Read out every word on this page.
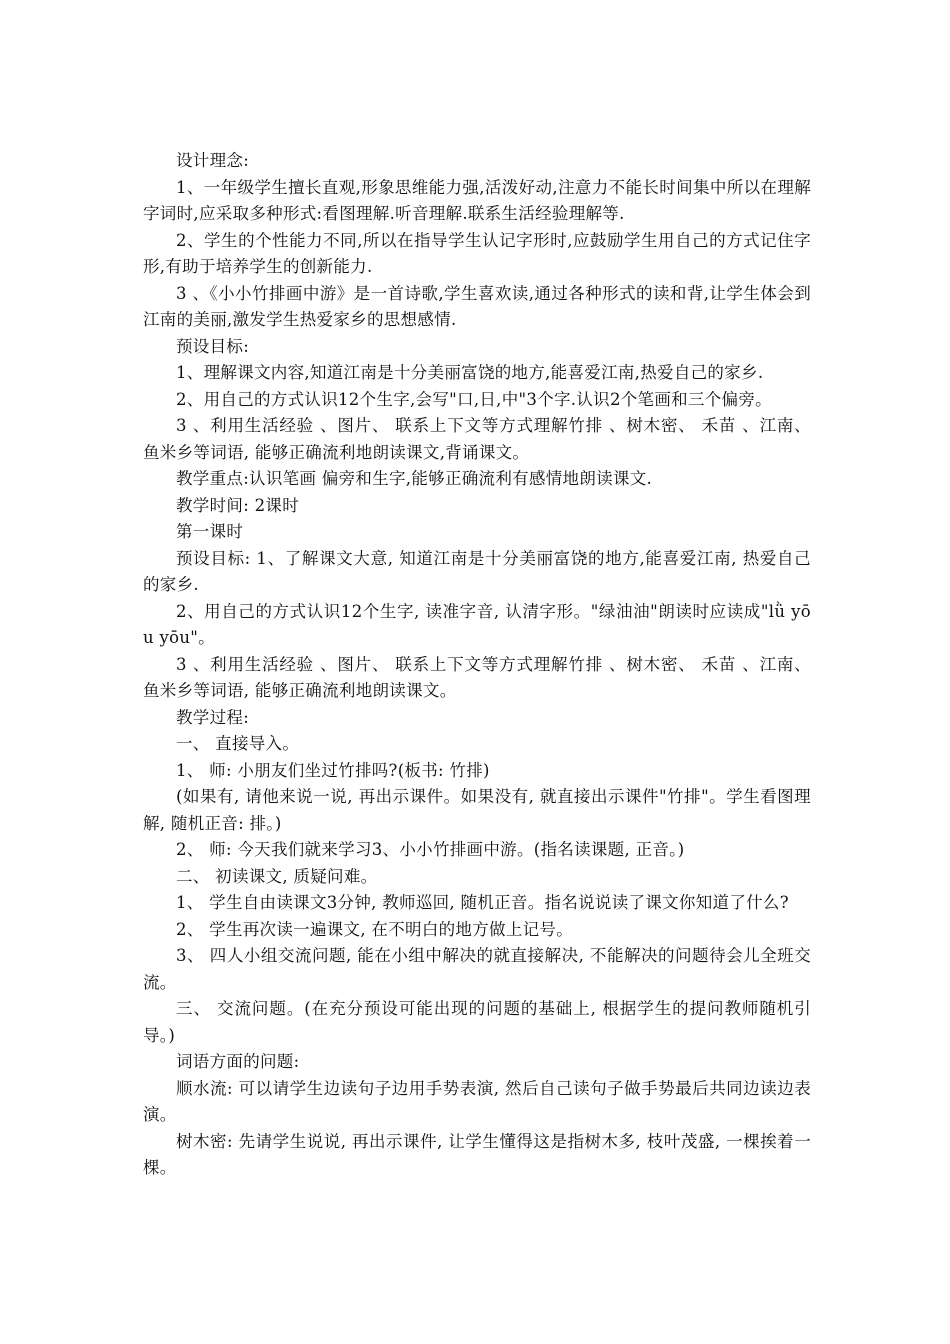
设计理念:

1、一年级学生擅长直观,形象思维能力强,活泼好动,注意力不能长时间集中所以在理解字词时,应采取多种形式:看图理解.听音理解.联系生活经验理解等.

2、学生的个性能力不同,所以在指导学生认记字形时,应鼓励学生用自己的方式记住字形,有助于培养学生的创新能力.

3 、《小小竹排画中游》是一首诗歌,学生喜欢读,通过各种形式的读和背,让学生体会到江南的美丽,激发学生热爱家乡的思想感情.

预设目标:

1、理解课文内容,知道江南是十分美丽富饶的地方,能喜爱江南,热爱自己的家乡.

2、用自己的方式认识12个生字,会写"口,日,中"3个字.认识2个笔画和三个偏旁。

3 、利用生活经验 、图片、 联系上下文等方式理解竹排 、树木密、 禾苗 、江南、 鱼米乡等词语, 能够正确流利地朗读课文,背诵课文。

教学重点:认识笔画 偏旁和生字,能够正确流利有感情地朗读课文.

教学时间: 2课时

第一课时

预设目标: 1、了解课文大意, 知道江南是十分美丽富饶的地方,能喜爱江南, 热爱自己的家乡.

2、用自己的方式认识12个生字, 读准字音, 认清字形。"绿油油"朗读时应读成"lǜ yōu yōu"。

3 、利用生活经验 、图片、 联系上下文等方式理解竹排 、树木密、 禾苗 、江南、 鱼米乡等词语, 能够正确流利地朗读课文。

教学过程:

一、 直接导入。

1、 师: 小朋友们坐过竹排吗?(板书: 竹排)

(如果有, 请他来说一说, 再出示课件。如果没有, 就直接出示课件"竹排"。学生看图理解, 随机正音: 排。)

2、 师: 今天我们就来学习3、小小竹排画中游。(指名读课题, 正音。)

二、 初读课文, 质疑问难。

1、 学生自由读课文3分钟, 教师巡回, 随机正音。指名说说读了课文你知道了什么?

2、 学生再次读一遍课文, 在不明白的地方做上记号。

3、 四人小组交流问题, 能在小组中解决的就直接解决, 不能解决的问题待会儿全班交流。

三、 交流问题。(在充分预设可能出现的问题的基础上, 根据学生的提问教师随机引导。)

词语方面的问题:

顺水流: 可以请学生边读句子边用手势表演, 然后自己读句子做手势最后共同边读边表演。

树木密: 先请学生说说, 再出示课件, 让学生懂得这是指树木多, 枝叶茂盛, 一棵挨着一棵。
